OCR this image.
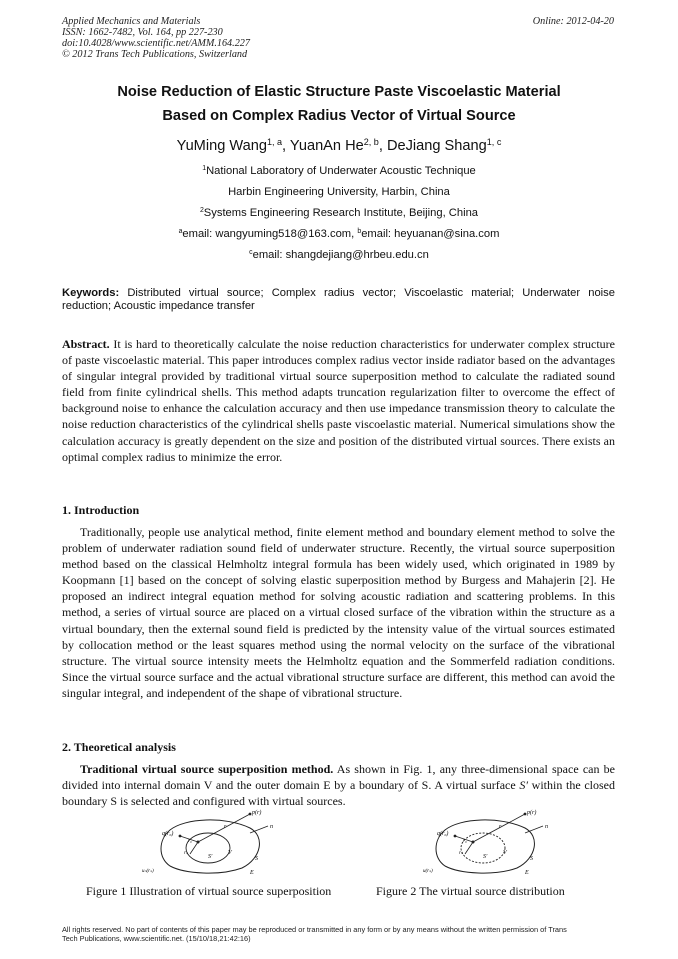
Applied Mechanics and Materials
ISSN: 1662-7482, Vol. 164, pp 227-230
doi:10.4028/www.scientific.net/AMM.164.227
© 2012 Trans Tech Publications, Switzerland
Online: 2012-04-20
Noise Reduction of Elastic Structure Paste Viscoelastic Material
Based on Complex Radius Vector of Virtual Source
YuMing Wang$^{1, a}$, YuanAn He$^{2, b}$, DeJiang Shang$^{1, c}$
$^1$National Laboratory of Underwater Acoustic Technique
Harbin Engineering University, Harbin, China
$^2$Systems Engineering Research Institute, Beijing, China
$^a$email: wangyuming518@163.com, $^b$email: heyuanan@sina.com
$^c$email: shangdejiang@hrbeu.edu.cn
Keywords: Distributed virtual source; Complex radius vector; Viscoelastic material; Underwater noise reduction; Acoustic impedance transfer
Abstract. It is hard to theoretically calculate the noise reduction characteristics for underwater complex structure of paste viscoelastic material. This paper introduces complex radius vector inside radiator based on the advantages of singular integral provided by traditional virtual source superposition method to calculate the radiated sound field from finite cylindrical shells. This method adapts truncation regularization filter to overcome the effect of background noise to enhance the calculation accuracy and then use impedance transmission theory to calculate the noise reduction characteristics of the cylindrical shells paste viscoelastic material. Numerical simulations show the calculation accuracy is greatly dependent on the size and position of the distributed virtual sources. There exists an optimal complex radius to minimize the error.
1. Introduction
Traditionally, people use analytical method, finite element method and boundary element method to solve the problem of underwater radiation sound field of underwater structure. Recently, the virtual source superposition method based on the classical Helmholtz integral formula has been widely used, which originated in 1989 by Koopmann [1] based on the concept of solving elastic superposition method by Burgess and Mahajerin [2]. He proposed an indirect integral equation method for solving acoustic radiation and scattering problems. In this method, a series of virtual source are placed on a virtual closed surface of the vibration within the structure as a virtual boundary, then the external sound field is predicted by the intensity value of the virtual sources estimated by collocation method or the least squares method using the normal velocity on the surface of the vibrational structure. The virtual source intensity meets the Helmholtz equation and the Sommerfeld radiation conditions. Since the virtual source surface and the actual vibrational structure surface are different, this method can avoid the singular integral, and independent of the shape of vibrational structure.
2. Theoretical analysis
Traditional virtual source superposition method. As shown in Fig. 1, any three-dimensional space can be divided into internal domain V and the outer domain E by a boundary of S. A virtual surface S′ within the closed boundary S is selected and configured with virtual sources.
p(r)
q(r₀)
r
r₀
rₛ
n
S'	S
V
E
uₙ(rₛ)
p(r)
q(r₀)
r
r₀
rₛ
n
S'	S
V
E
u(rₛ)
Figure 1 Illustration of virtual source superposition	Figure 2 The virtual source distribution
All rights reserved. No part of contents of this paper may be reproduced or transmitted in any form or by any means without the written permission of Trans
Tech Publications, www.scientific.net. (15/10/18,21:42:16)
